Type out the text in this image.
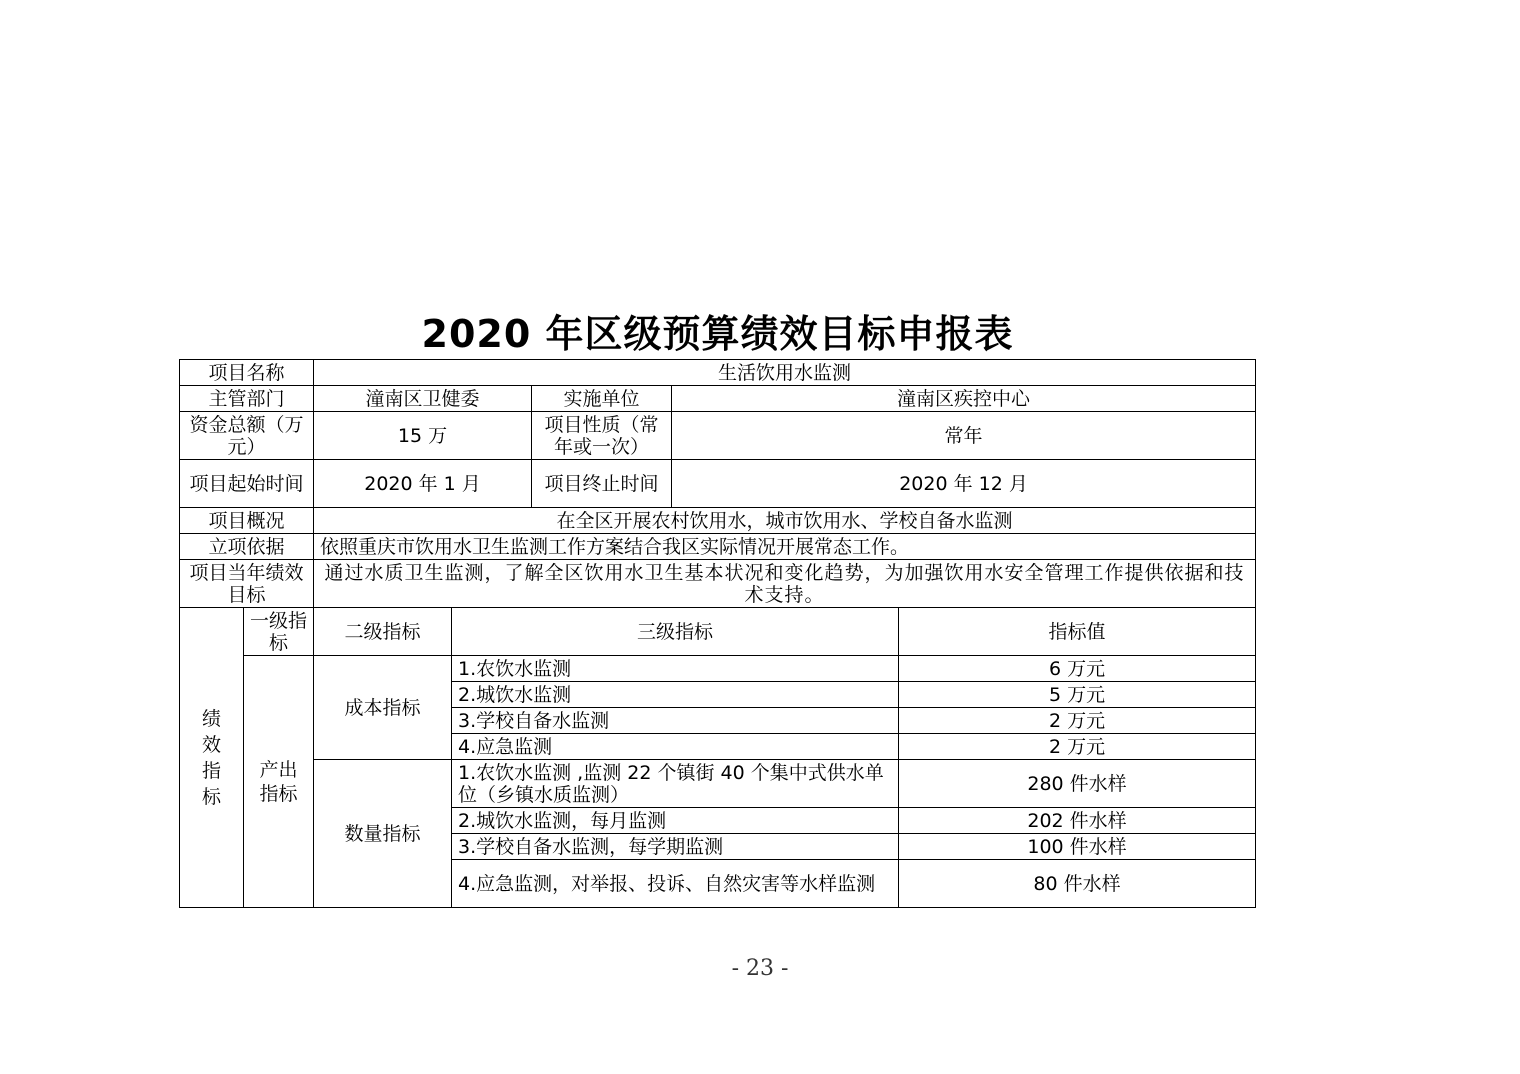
2020 年区级预算绩效目标申报表
项目名称		生活饮用水监测				
主管部门		潼南区卫健委		实施单位	潼南区疾控中心	
资金总额（万元）		15 万		项目性质（常年或一次）	常年	
项目起始时间		2020 年 1 月		项目终止时间	2020 年 12 月	
项目概况		在全区开展农村饮用水，城市饮用水、学校自备水监测				
立项依据		依照重庆市饮用水卫生监测工作方案结合我区实际情况开展常态工作。				
项目当年绩效目标		通过水质卫生监测，了解全区饮用水卫生基本状况和变化趋势，为加强饮用水安全管理工作提供依据和技术支持。				

绩效指标	一级指标	二级指标	三级指标			指标值

	产出指标	成本指标	1.农饮水监测			6 万元
			2.城饮水监测			5 万元
			3.学校自备水监测			2 万元
			4.应急监测			2 万元
		数量指标	1.农饮水监测 ,监测 22 个镇街 40 个集中式供水单位（乡镇水质监测）			280 件水样
			2.城饮水监测，每月监测			202 件水样
			3.学校自备水监测，每学期监测			100 件水样
			4.应急监测，对举报、投诉、自然灾害等水样监测			80 件水样
- 23 -
